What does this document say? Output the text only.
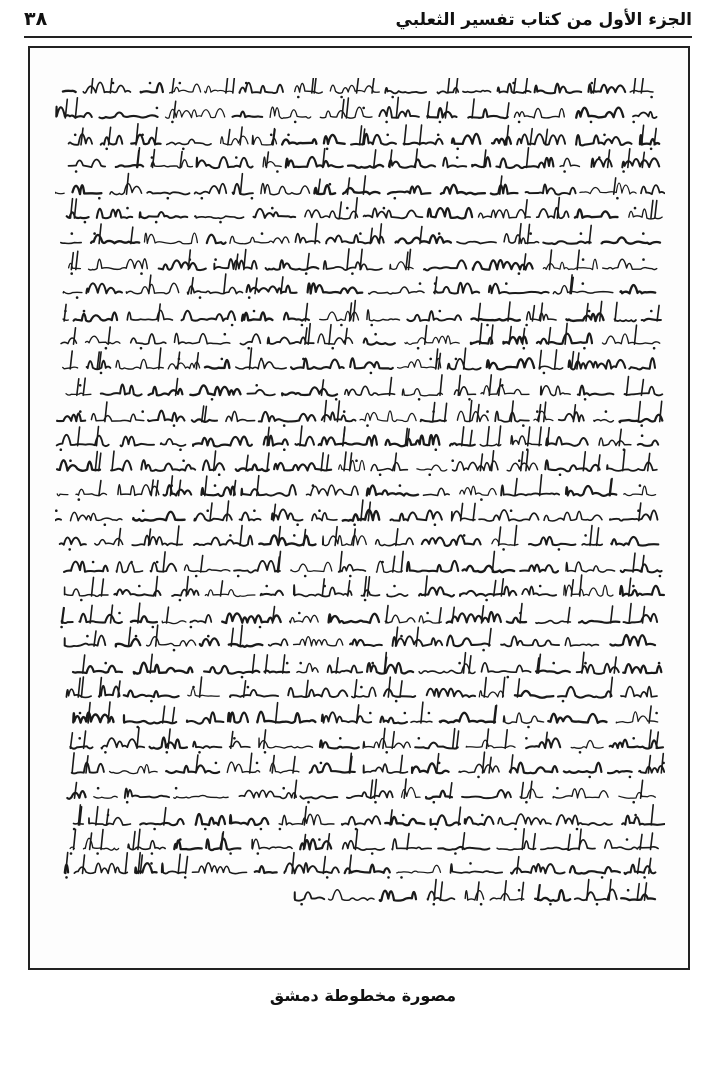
الجزء الأول من كتاب تفسير الثعلبي
٣٨
مصورة مخطوطة دمشق
